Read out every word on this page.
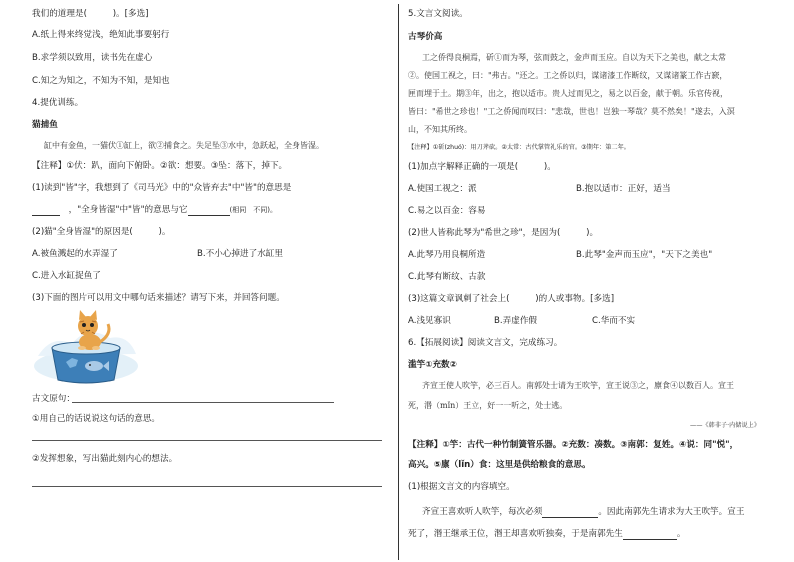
我们的道理是(　　　)。[多选]
A.纸上得来终觉浅，绝知此事要躬行
B.求学须以致用，读书先在虚心
C.知之为知之，不知为不知，是知也
4.提优训练。
猫捕鱼
缸中有金鱼，一猫伏①缸上，欲②捕食之。失足坠③水中，急跃起，全身皆湿。
【注释】①伏：趴，面向下俯卧。②欲：想要。③坠：落下，掉下。
(1)读到"皆"字，我想到了《司马光》中的"众皆弃去"中"皆"的意思是
　，"全身皆湿"中"皆"的意思与它	(相同　不同)。
(2)猫"全身皆湿"的原因是(　　　)。
A.被鱼溅起的水弄湿了	B.不小心掉进了水缸里
C.进入水缸捉鱼了
(3)下面的图片可以用文中哪句话来描述？请写下来，并回答问题。
古文原句：
①用自己的话说说这句话的意思。
②发挥想象，写出猫此刻内心的想法。
5.文言文阅读。
古琴价高
工之侨得良桐焉，斫①而为琴，弦而鼓之，金声而玉应。自以为天下之美也，献之太常
②。使国工视之，曰："弗古。"还之。工之侨以归，谋诸漆工作断纹，又谋诸篆工作古窾，
匣而埋于土。期③年，出之，抱以适市。贵人过而见之，易之以百金，献于朝。乐官传视，
皆曰："希世之珍也！"工之侨闻而叹曰："悲哉，世也！岂独一琴哉？莫不然矣！"遂去，入溟
山，不知其所终。
【注释】①斫(zhuó)：用刀斧砍。②太常：古代掌管礼乐的官。③期年：第二年。
(1)加点字解释正确的一项是(　　　)。
A.使国工视之：派	B.抱以适市：正好，适当
C.易之以百金：容易
(2)世人皆称此琴为"希世之珍"，是因为(　　　)。
A.此琴乃用良桐所造	B.此琴"金声而玉应"，"天下之美也"
C.此琴有断纹、古款
(3)这篇文章讽刺了社会上(　　　)的人或事物。[多选]
A.浅见寡识	B.弄虚作假	C.华而不实
6.【拓展阅读】阅读文言文，完成练习。
滥竽①充数②
齐宣王使人吹竽，必三百人。南郭处士请为王吹竽，宣王说③之，廪食④以数百人。宣王
死，湣（mǐn）王立，好一一听之，处士逃。
——《韩非子·内储说上》
【注释】①竽：古代一种竹制簧管乐器。②充数：凑数。③南郭：复姓。④说：同"悦"，
高兴。⑤廪（lǐn）食：这里是供给粮食的意思。
(1)根据文言文的内容填空。
齐宣王喜欢听人吹竽，每次必须	。因此南郭先生请求为大王吹竽。宣王
死了，湣王继承王位，湣王却喜欢听独奏，于是南郭先生	。
